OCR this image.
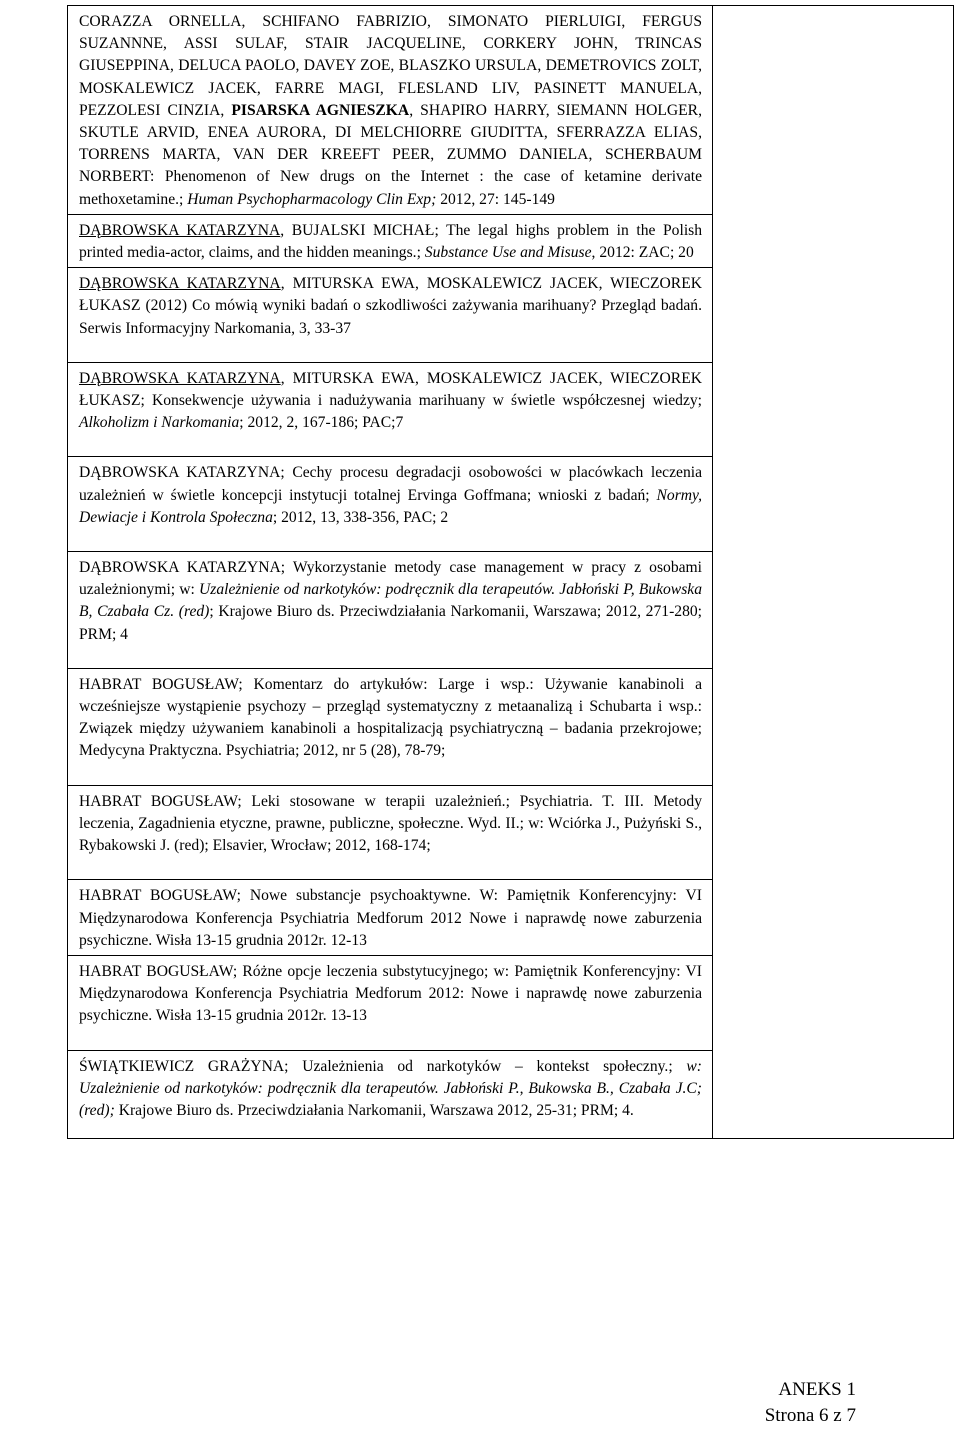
CORAZZA ORNELLA, SCHIFANO FABRIZIO, SIMONATO PIERLUIGI, FERGUS SUZANNNE, ASSI SULAF, STAIR JACQUELINE, CORKERY JOHN, TRINCAS GIUSEPPINA, DELUCA PAOLO, DAVEY ZOE, BLASZKO URSULA, DEMETROVICS ZOLT, MOSKALEWICZ JACEK, FARRE MAGI, FLESLAND LIV, PASINETT MANUELA, PEZZOLESI CINZIA, PISARSKA AGNIESZKA, SHAPIRO HARRY, SIEMANN HOLGER, SKUTLE ARVID, ENEA AURORA, DI MELCHIORRE GIUDITTA, SFERRAZZA ELIAS, TORRENS MARTA, VAN DER KREEFT PEER, ZUMMO DANIELA, SCHERBAUM NORBERT: Phenomenon of New drugs on the Internet : the case of ketamine derivate methoxetamine.; Human Psychopharmacology Clin Exp; 2012, 27: 145-149

DĄBROWSKA KATARZYNA, BUJALSKI MICHAŁ; The legal highs problem in the Polish printed media-actor, claims, and the hidden meanings.; Substance Use and Misuse, 2012: ZAC; 20

DĄBROWSKA KATARZYNA, MITURSKA EWA, MOSKALEWICZ JACEK, WIECZOREK ŁUKASZ (2012) Co mówią wyniki badań o szkodliwości zażywania marihuany? Przegląd badań. Serwis Informacyjny Narkomania, 3, 33-37

DĄBROWSKA KATARZYNA, MITURSKA EWA, MOSKALEWICZ JACEK, WIECZOREK ŁUKASZ; Konsekwencje używania i nadużywania marihuany w świetle współczesnej wiedzy; Alkoholizm i Narkomania; 2012, 2, 167-186; PAC;7

DĄBROWSKA KATARZYNA; Cechy procesu degradacji osobowości w placówkach leczenia uzależnień w świetle koncepcji instytucji totalnej Ervinga Goffmana; wnioski z badań; Normy, Dewiacje i Kontrola Społeczna; 2012, 13, 338-356, PAC; 2

DĄBROWSKA KATARZYNA; Wykorzystanie metody case management w pracy z osobami uzależnionymi; w: Uzależnienie od narkotyków: podręcznik dla terapeutów. Jabłoński P, Bukowska B, Czabała Cz. (red); Krajowe Biuro ds. Przeciwdziałania Narkomanii, Warszawa; 2012, 271-280; PRM; 4

HABRAT BOGUSŁAW; Komentarz do artykułów: Large i wsp.: Używanie kanabinoli a wcześniejsze wystąpienie psychozy – przegląd systematyczny z metaanalizą i Schubarta i wsp.: Związek między używaniem kanabinoli a hospitalizacją psychiatryczną – badania przekrojowe; Medycyna Praktyczna. Psychiatria; 2012, nr 5 (28), 78-79;

HABRAT BOGUSŁAW; Leki stosowane w terapii uzależnień.; Psychiatria. T. III. Metody leczenia, Zagadnienia etyczne, prawne, publiczne, społeczne. Wyd. II.; w: Wciórka J., Pużyński S., Rybakowski J. (red); Elsavier, Wrocław; 2012, 168-174;

HABRAT BOGUSŁAW; Nowe substancje psychoaktywne. W: Pamiętnik Konferencyjny: VI Międzynarodowa Konferencja Psychiatria Medforum 2012 Nowe i naprawdę nowe zaburzenia psychiczne. Wisła 13-15 grudnia 2012r. 12-13

HABRAT BOGUSŁAW; Różne opcje leczenia substytucyjnego; w: Pamiętnik Konferencyjny: VI Międzynarodowa Konferencja Psychiatria Medforum 2012: Nowe i naprawdę nowe zaburzenia psychiczne. Wisła 13-15 grudnia 2012r. 13-13

ŚWIĄTKIEWICZ GRAŻYNA; Uzależnienia od narkotyków – kontekst społeczny.; w: Uzależnienie od narkotyków: podręcznik dla terapeutów. Jabłoński P., Bukowska B., Czabała J.C;(red); Krajowe Biuro ds. Przeciwdziałania Narkomanii, Warszawa 2012, 25-31; PRM; 4.

ANEKS 1
Strona 6 z 7
